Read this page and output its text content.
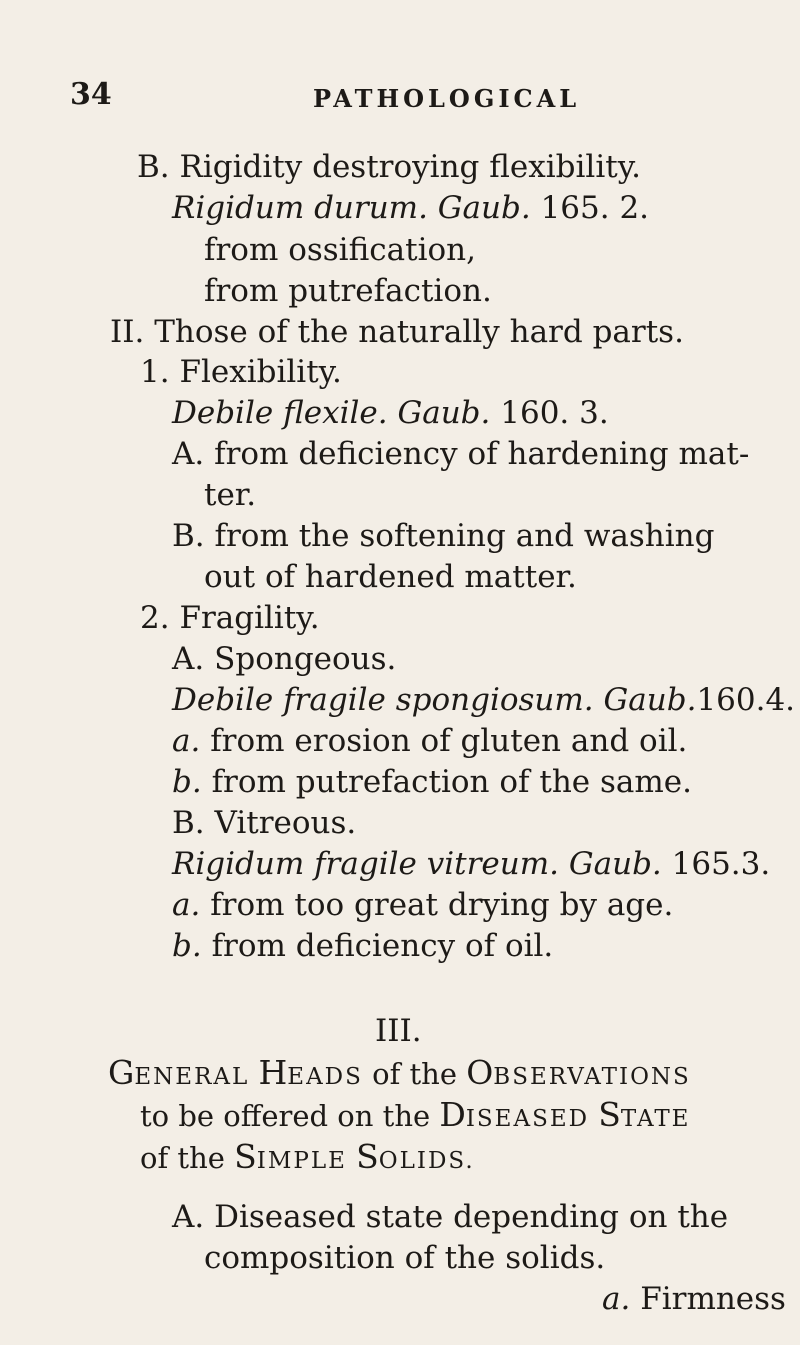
34	PATHOLOGICAL
B. Rigidity destroying flexibility.
Rigidum durum. Gaub. 165. 2.
from ossification,
from putrefaction.
II. Those of the naturally hard parts.
1. Flexibility.
Debile flexile. Gaub. 160. 3.
A. from deficiency of hardening mat-
ter.
B. from the softening and washing
out of hardened matter.
2. Fragility.
A. Spongeous.
Debile fragile spongiosum. Gaub.160.4.
a. from erosion of gluten and oil.
b. from putrefaction of the same.
B. Vitreous.
Rigidum fragile vitreum. Gaub. 165.3.
a. from too great drying by age.
b. from deficiency of oil.
III.
GENERAL HEADS of the OBSERVATIONS
to be offered on the DISEASED STATE
of the SIMPLE SOLIDS.
A. Diseased state depending on the
composition of the solids.
a. Firmness
